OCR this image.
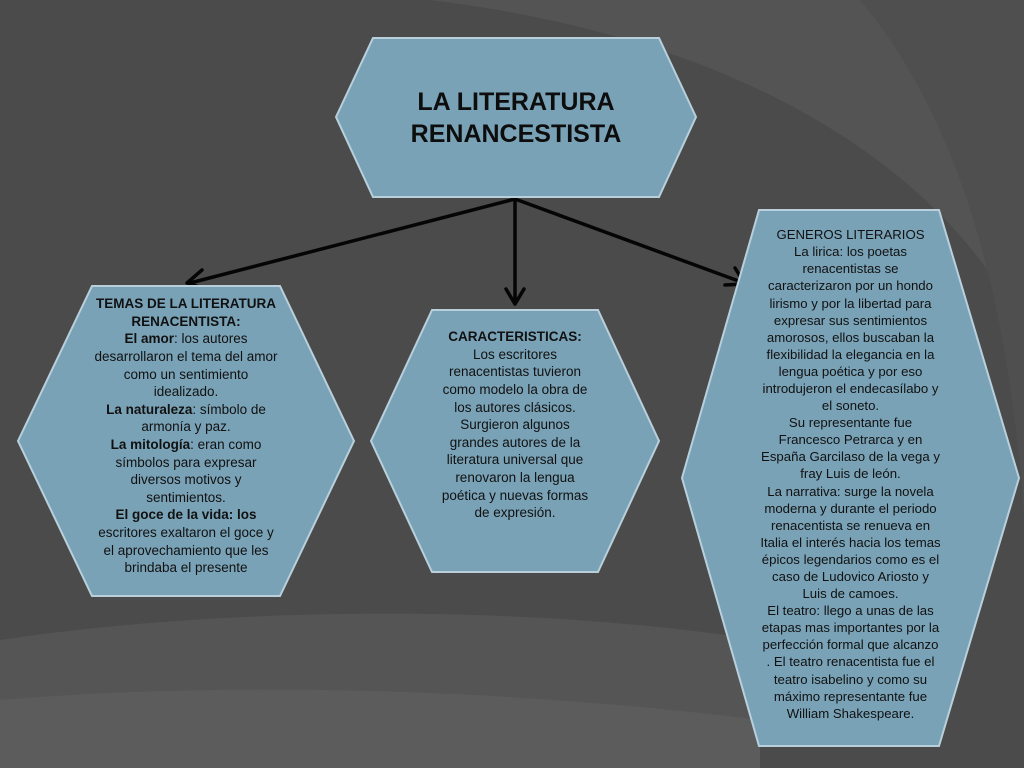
LA LITERATURA
RENANCESTISTA
TEMAS DE LA LITERATURA
RENACENTISTA:
El amor: los autores
desarrollaron el tema del amor
como un sentimiento
idealizado.
La naturaleza: símbolo de
armonía y paz.
La mitología: eran como
símbolos para expresar
diversos motivos y
sentimientos.
El goce de la vida: los
escritores exaltaron el goce y
el aprovechamiento que les
brindaba el presente
CARACTERISTICAS:
Los escritores
renacentistas tuvieron
como modelo la obra de
los autores clásicos.
Surgieron algunos
grandes autores de la
literatura universal que
renovaron la lengua
poética y nuevas formas
de expresión.
GENEROS LITERARIOS
La lirica: los poetas
renacentistas se
caracterizaron por un hondo
lirismo y por la libertad para
expresar sus sentimientos
amorosos, ellos buscaban la
flexibilidad la elegancia en la
lengua poética y por eso
introdujeron el endecasílabo y
el soneto.
Su representante fue
Francesco Petrarca y en
España Garcilaso de la vega y
fray Luis de león.
La narrativa: surge la novela
moderna y durante el periodo
renacentista se renueva en
Italia el interés hacia los temas
épicos legendarios como es el
caso de Ludovico Ariosto y
Luis de camoes.
El teatro: llego a unas de las
etapas mas importantes por la
perfección formal que alcanzo
. El teatro renacentista fue el
teatro isabelino y como su
máximo representante fue
William Shakespeare.
